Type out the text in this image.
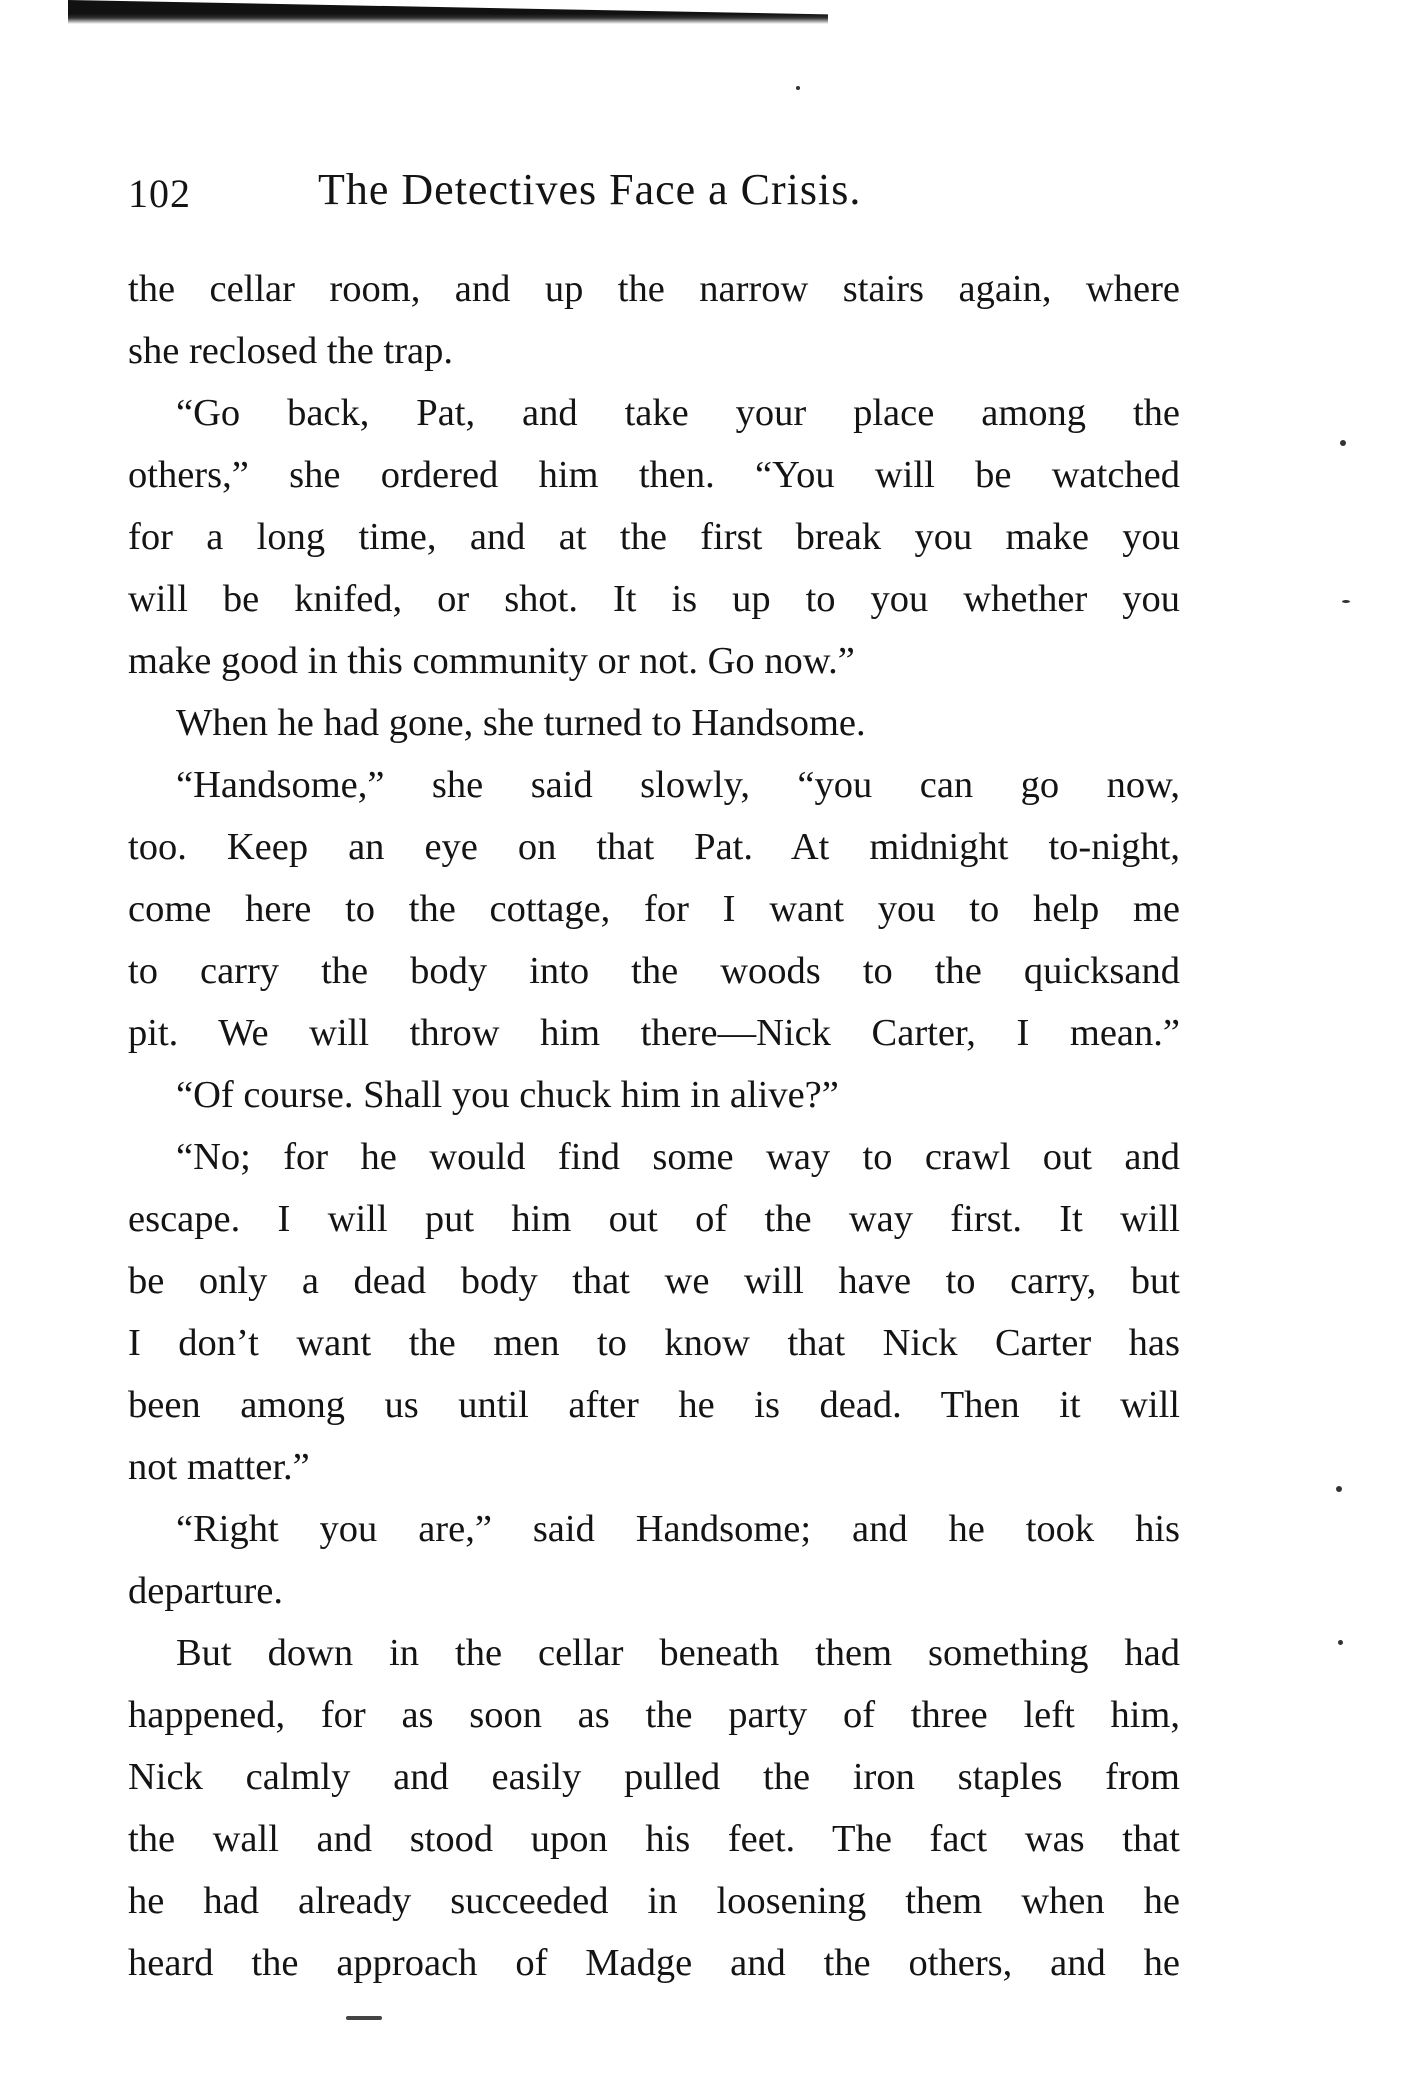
102	The Detectives Face a Crisis.
the cellar room, and up the narrow stairs again, where
she reclosed the trap.
“Go back, Pat, and take your place among the
others,” she ordered him then. “You will be watched
for a long time, and at the first break you make you
will be knifed, or shot. It is up to you whether you
make good in this community or not. Go now.”
When he had gone, she turned to Handsome.
“Handsome,” she said slowly, “you can go now,
too. Keep an eye on that Pat. At midnight to-night,
come here to the cottage, for I want you to help me
to carry the body into the woods to the quicksand
pit. We will throw him there—Nick Carter, I mean.”
“Of course. Shall you chuck him in alive?”
“No; for he would find some way to crawl out and
escape. I will put him out of the way first. It will
be only a dead body that we will have to carry, but
I don’t want the men to know that Nick Carter has
been among us until after he is dead. Then it will
not matter.”
“Right you are,” said Handsome; and he took his
departure.
But down in the cellar beneath them something had
happened, for as soon as the party of three left him,
Nick calmly and easily pulled the iron staples from
the wall and stood upon his feet. The fact was that
he had already succeeded in loosening them when he
heard the approach of Madge and the others, and he
